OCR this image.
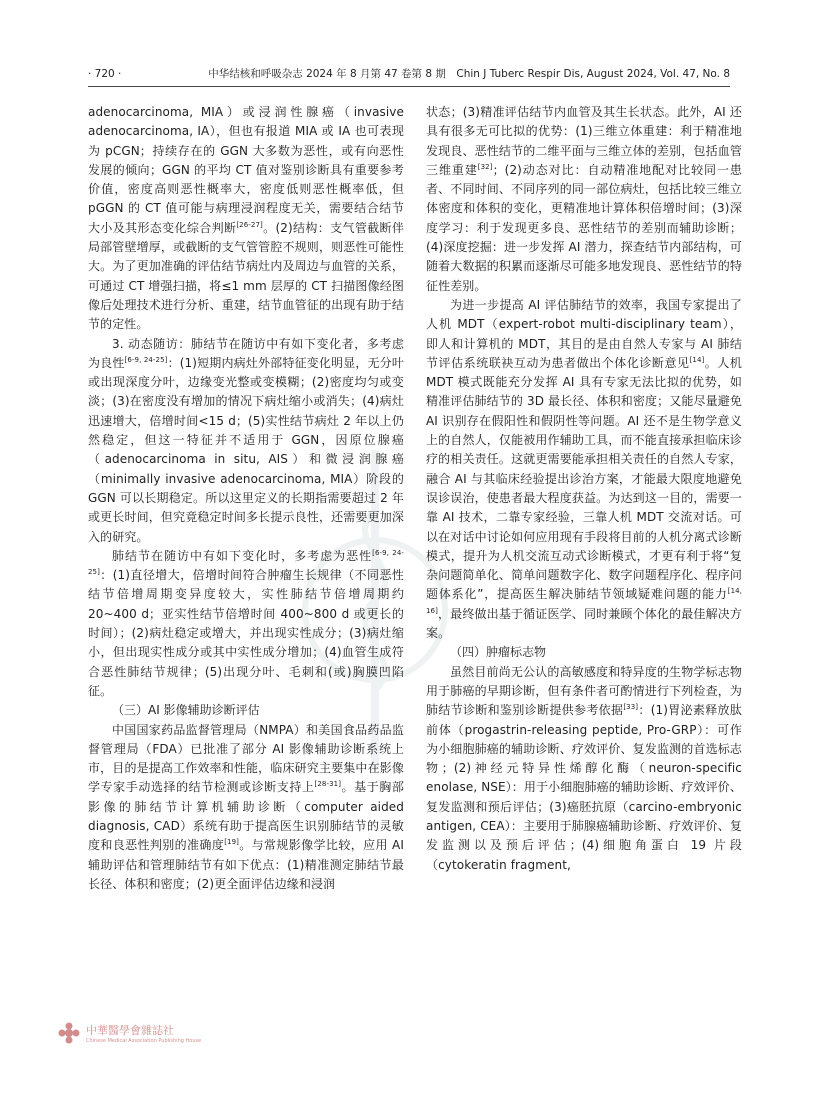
· 720 ·	中华结核和呼吸杂志 2024 年 8 月第 47 卷第 8 期　Chin J Tuberc Respir Dis, August 2024, Vol. 47, No. 8

adenocarcinoma, MIA）或浸润性腺癌（invasive adenocarcinoma, IA），但也有报道 MIA 或 IA 也可表现为 pCGN；持续存在的 GGN 大多数为恶性，或有向恶性发展的倾向；GGN 的平均 CT 值对鉴别诊断具有重要参考价值，密度高则恶性概率大，密度低则恶性概率低，但 pGGN 的 CT 值可能与病理浸润程度无关，需要结合结节大小及其形态变化综合判断[26-27]。(2)结构：支气管截断伴局部管壁增厚，或截断的支气管管腔不规则，则恶性可能性大。为了更加准确的评估结节病灶内及周边与血管的关系，可通过 CT 增强扫描，将≤1 mm 层厚的 CT 扫描图像经图像后处理技术进行分析、重建，结节血管征的出现有助于结节的定性。

3. 动态随访：肺结节在随访中有如下变化者，多考虑为良性[6-9, 24-25]：(1)短期内病灶外部特征变化明显，无分叶或出现深度分叶，边缘变光整或变模糊；(2)密度均匀或变淡；(3)在密度没有增加的情况下病灶缩小或消失；(4)病灶迅速增大，倍增时间<15 d；(5)实性结节病灶 2 年以上仍然稳定，但这一特征并不适用于 GGN，因原位腺癌（adenocarcinoma in situ, AIS）和微浸润腺癌（minimally invasive adenocarcinoma, MIA）阶段的 GGN 可以长期稳定。所以这里定义的长期指需要超过 2 年或更长时间，但究竟稳定时间多长提示良性，还需要更加深入的研究。

肺结节在随访中有如下变化时，多考虑为恶性[6-9, 24-25]：(1)直径增大，倍增时间符合肿瘤生长规律（不同恶性结节倍增周期变异度较大，实性肺结节倍增周期约 20~400 d；亚实性结节倍增时间 400~800 d 或更长的时间）；(2)病灶稳定或增大，并出现实性成分；(3)病灶缩小，但出现实性成分或其中实性成分增加；(4)血管生成符合恶性肺结节规律；(5)出现分叶、毛刺和(或)胸膜凹陷征。

（三）AI 影像辅助诊断评估

中国国家药品监督管理局（NMPA）和美国食品药品监督管理局（FDA）已批准了部分 AI 影像辅助诊断系统上市，目的是提高工作效率和性能，临床研究主要集中在影像学专家手动选择的结节检测或诊断支持上[28-31]。基于胸部影像的肺结节计算机辅助诊断（computer aided diagnosis, CAD）系统有助于提高医生识别肺结节的灵敏度和良恶性判别的准确度[19]。与常规影像学比较，应用 AI 辅助评估和管理肺结节有如下优点：(1)精准测定肺结节最长径、体积和密度；(2)更全面评估边缘和浸润

状态；(3)精准评估结节内血管及其生长状态。此外，AI 还具有很多无可比拟的优势：(1)三维立体重建：利于精准地发现良、恶性结节的二维平面与三维立体的差别，包括血管三维重建[32]；(2)动态对比：自动精准地配对比较同一患者、不同时间、不同序列的同一部位病灶，包括比较三维立体密度和体积的变化，更精准地计算体积倍增时间；(3)深度学习：利于发现更多良、恶性结节的差别而辅助诊断；(4)深度挖掘：进一步发挥 AI 潜力，探查结节内部结构，可随着大数据的积累而逐渐尽可能多地发现良、恶性结节的特征性差别。

为进一步提高 AI 评估肺结节的效率，我国专家提出了人机 MDT（expert-robot multi-disciplinary team），即人和计算机的 MDT，其目的是由自然人专家与 AI 肺结节评估系统联袂互动为患者做出个体化诊断意见[14]。人机 MDT 模式既能充分发挥 AI 具有专家无法比拟的优势，如精准评估肺结节的 3D 最长径、体积和密度；又能尽量避免 AI 识别存在假阳性和假阴性等问题。AI 还不是生物学意义上的自然人，仅能被用作辅助工具，而不能直接承担临床诊疗的相关责任。这就更需要能承担相关责任的自然人专家，融合 AI 与其临床经验提出诊治方案，才能最大限度地避免误诊误治，使患者最大程度获益。为达到这一目的，需要一靠 AI 技术，二靠专家经验，三靠人机 MDT 交流对话。可以在对话中讨论如何应用现有手段将目前的人机分离式诊断模式，提升为人机交流互动式诊断模式，才更有利于将“复杂问题简单化、简单问题数字化、数字问题程序化、程序问题体系化”，提高医生解决肺结节领域疑难问题的能力[14, 16]，最终做出基于循证医学、同时兼顾个体化的最佳解决方案。

（四）肿瘤标志物

虽然目前尚无公认的高敏感度和特异度的生物学标志物用于肺癌的早期诊断，但有条件者可酌情进行下列检查，为肺结节诊断和鉴别诊断提供参考依据[33]：(1)胃泌素释放肽前体（progastrin-releasing peptide, Pro-GRP）：可作为小细胞肺癌的辅助诊断、疗效评价、复发监测的首选标志物；(2)神经元特异性烯醇化酶（neuron-specific enolase, NSE）：用于小细胞肺癌的辅助诊断、疗效评价、复发监测和预后评估；(3)癌胚抗原（carcino-embryonic antigen, CEA）：主要用于肺腺癌辅助诊断、疗效评价、复发监测以及预后评估；(4)细胞角蛋白 19 片段（cytokeratin fragment,

中華醫學會雜誌社
Chinese Medical Association Publishing House
